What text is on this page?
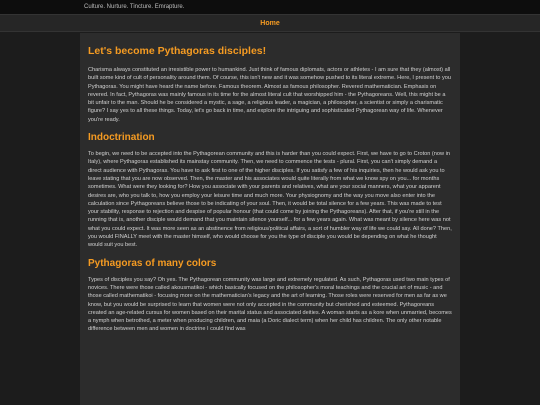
Culture. Nurture. Tincture. Emrapture.
Home
Let's become Pythagoras disciples!

Charisma always constituted an irresistible power to humankind. Just think of famous diplomats, actors or athletes - I am sure that they (almost) all built some kind of cult of personality around them. Of course, this isn't new and it was somehow pushed to its literal extreme. Here, I present to you Pythagoras. You might have heard the name before. Famous theorem. Almost as famous philosopher. Revered mathematician. Emphasis on revered. In fact, Pythagoras was mainly famous in its time for the almost literal cult that worshipped him - the Pythagoreans. Well, this might be a bit unfair to the man. Should he be considered a mystic, a sage, a religious leader, a magician, a philosopher, a scientist or simply a charismatic figure? I say yes to all these things. Today, let's go back in time, and explore the intriguing and sophisticated Pythagorean way of life. Whenever you're ready.

Indoctrination

To begin, we need to be accepted into the Pythagorean community and this is harder than you could expect. First, we have to go to Croton (now in Italy), where Pythagoras established its mainstay community. Then, we need to commence the tests - plural. First, you can't simply demand a direct audience with Pythagoras. You have to ask first to one of the higher disciples. If you satisfy a few of his inquiries, then he would ask you to leave stating that you are now observed. Then, the master and his associates would quite literally from what we know spy on you... for months sometimes. What were they looking for? How you associate with your parents and relatives, what are your social manners, what your apparent desires are, who you talk to, how you employ your leisure time and much more. Your physiognomy and the way you move also enter into the calculation since Pythagoreans believe those to be indicating of your soul. Then, it would be total silence for a few years. This was made to test your stability, response to rejection and despise of popular honour (that could come by joining the Pythagoreans). After that, if you're still in the running that is, another disciple would demand that you maintain silence yourself... for a few years again. What was meant by silence here was not what you could expect. It was more seen as an abstinence from religious/political affairs, a sort of humbler way of life we could say. All done? Then, you would FINALLY meet with the master himself, who would choose for you the type of disciple you would be depending on what he thought would suit you best.

Pythagoras of many colors

Types of disciples you say? Oh yes. The Pythagorean community was large and extremely regulated. As such, Pythagoras used two main types of novices. There were those called akousmatikoi - which basically focused on the philosopher's moral teachings and the crucial art of music - and those called mathematikoi - focusing more on the mathematician's legacy and the art of learning. Those roles were reserved for men as far as we know, but you would be surprised to learn that women were not only accepted in the community but cherished and esteemed. Pythagoreans created an age-related cursus for women based on their marital status and associated deities. A woman starts as a kore when unmarried, becomes a nymph when betrothed, a meter when producing children, and maia (a Doric dialect term) when her child has children. The only other notable difference between men and women in doctrine I could find was
